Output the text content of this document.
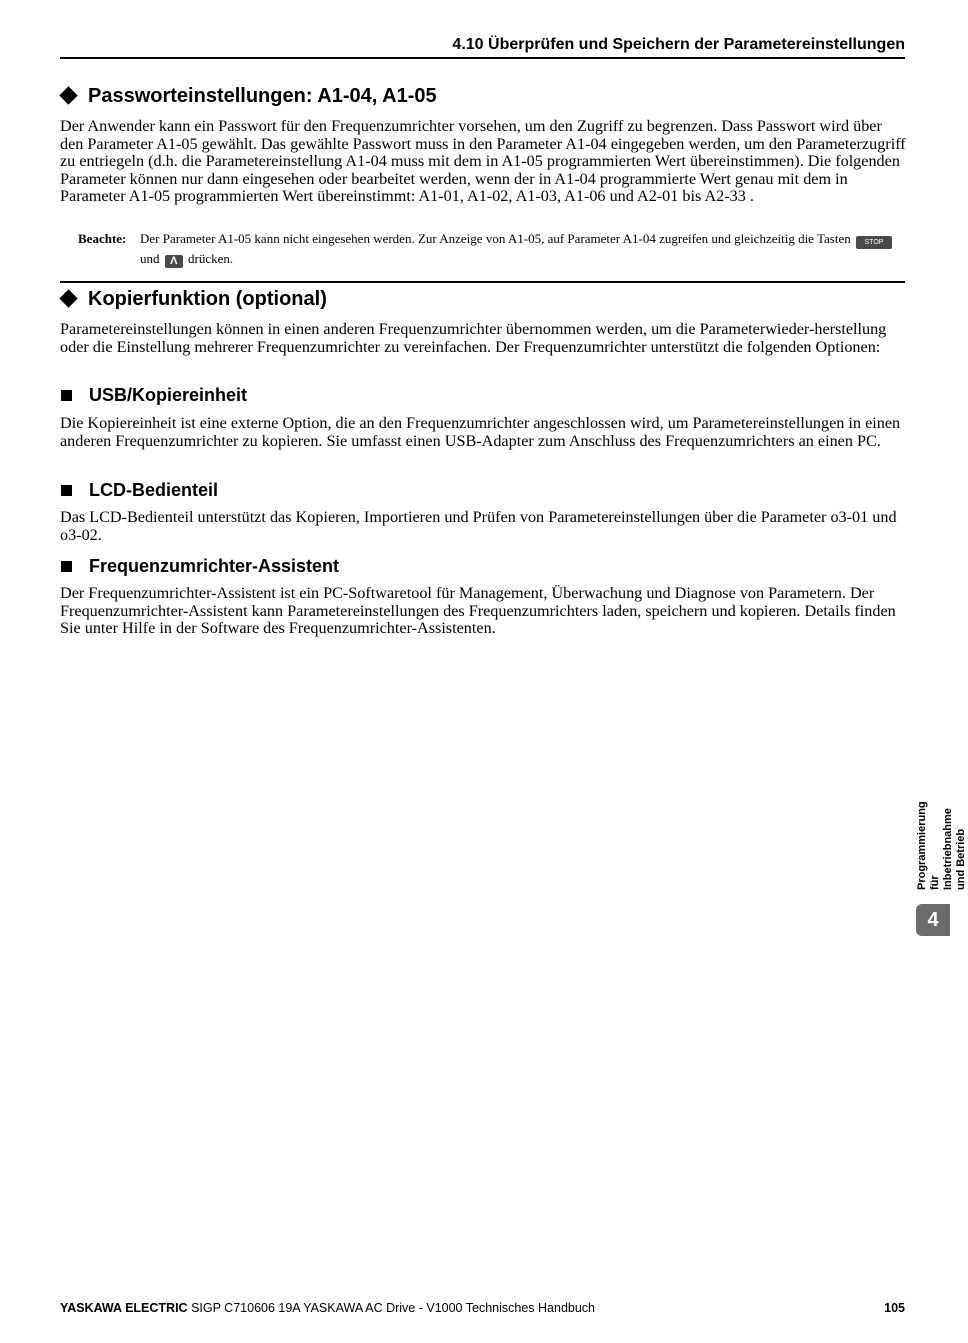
4.10 Überprüfen und Speichern der Parametereinstellungen
Passworteinstellungen: A1-04, A1-05

Der Anwender kann ein Passwort für den Frequenzumrichter vorsehen, um den Zugriff zu begrenzen. Dass Passwort wird über den Parameter A1-05 gewählt. Das gewählte Passwort muss in den Parameter A1-04 eingegeben werden, um den Parameterzugriff zu entriegeln (d.h. die Parametereinstellung A1-04 muss mit dem in A1-05 programmierten Wert übereinstimmen). Die folgenden Parameter können nur dann eingesehen oder bearbeitet werden, wenn der in A1-04 programmierte Wert genau mit dem in Parameter A1-05 programmierten Wert übereinstimmt: A1-01, A1-02, A1-03, A1-06 und A2-01 bis A2-33 .

Beachte: Der Parameter A1-05 kann nicht eingesehen werden. Zur Anzeige von A1-05, auf Parameter A1-04 zugreifen und gleichzeitig die Tasten STOP und Λ drücken.
Kopierfunktion (optional)

Parametereinstellungen können in einen anderen Frequenzumrichter übernommen werden, um die Parameterwieder-herstellung oder die Einstellung mehrerer Frequenzumrichter zu vereinfachen. Der Frequenzumrichter unterstützt die folgenden Optionen:

USB/Kopiereinheit

Die Kopiereinheit ist eine externe Option, die an den Frequenzumrichter angeschlossen wird, um Parametereinstellungen in einen anderen Frequenzumrichter zu kopieren. Sie umfasst einen USB-Adapter zum Anschluss des Frequenzumrichters an einen PC.

LCD-Bedienteil

Das LCD-Bedienteil unterstützt das Kopieren, Importieren und Prüfen von Parametereinstellungen über die Parameter o3-01 und o3-02.

Frequenzumrichter-Assistent

Der Frequenzumrichter-Assistent ist ein PC-Softwaretool für Management, Überwachung und Diagnose von Parametern. Der Frequenzumrichter-Assistent kann Parametereinstellungen des Frequenzumrichters laden, speichern und kopieren. Details finden Sie unter Hilfe in der Software des Frequenzumrichter-Assistenten.

Programmierung für Inbetriebnahme und Betrieb
4
YASKAWA ELECTRIC SIGP C710606 19A YASKAWA AC Drive - V1000 Technisches Handbuch	105
